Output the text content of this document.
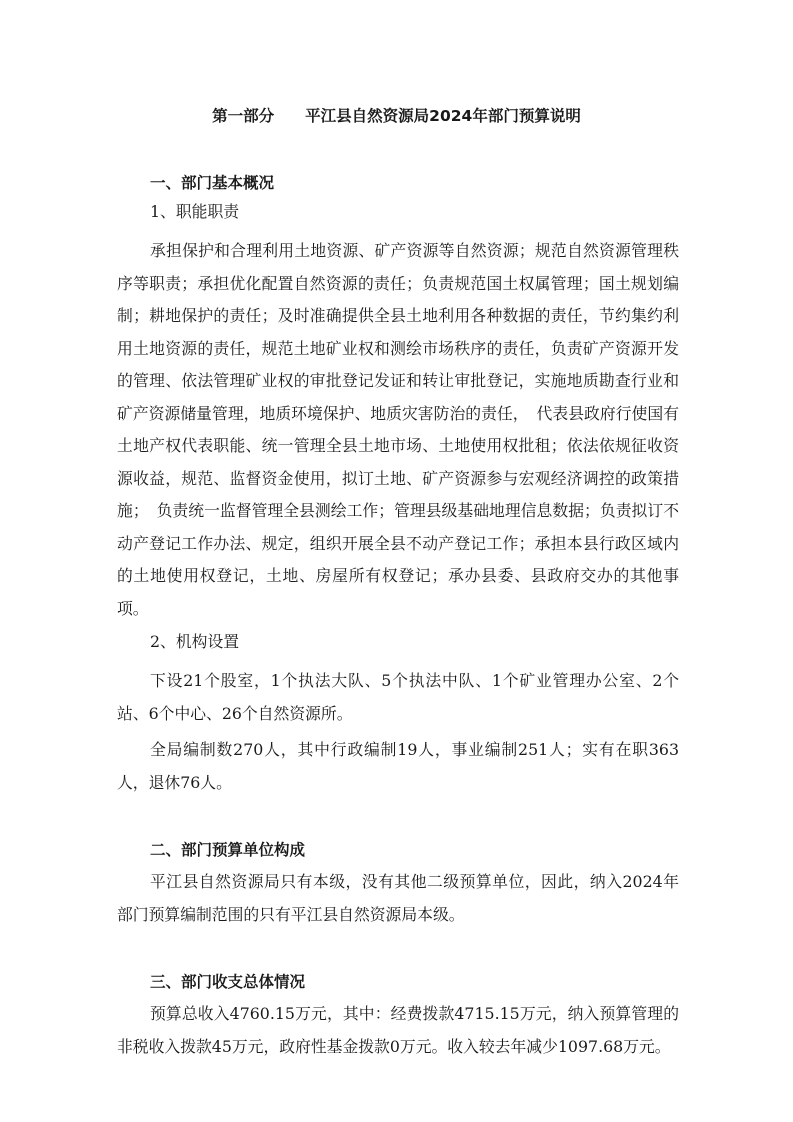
第一部分　　平江县自然资源局2024年部门预算说明
一、部门基本概况
1、职能职责

承担保护和合理利用土地资源、矿产资源等自然资源；规范自然资源管理秩序等职责；承担优化配置自然资源的责任；负责规范国土权属管理；国土规划编制；耕地保护的责任；及时准确提供全县土地利用各种数据的责任，节约集约利用土地资源的责任，规范土地矿业权和测绘市场秩序的责任，负责矿产资源开发的管理、依法管理矿业权的审批登记发证和转让审批登记，实施地质勘查行业和矿产资源储量管理，地质环境保护、地质灾害防治的责任，　代表县政府行使国有土地产权代表职能、统一管理全县土地市场、土地使用权批租；依法依规征收资源收益，规范、监督资金使用，拟订土地、矿产资源参与宏观经济调控的政策措施；　负责统一监督管理全县测绘工作；管理县级基础地理信息数据；负责拟订不动产登记工作办法、规定，组织开展全县不动产登记工作；承担本县行政区域内的土地使用权登记，土地、房屋所有权登记；承办县委、县政府交办的其他事项。

2、机构设置

下设21个股室，1个执法大队、5个执法中队、1个矿业管理办公室、2个站、6个中心、26个自然资源所。

全局编制数270人，其中行政编制19人，事业编制251人；实有在职363人，退休76人。

二、部门预算单位构成

平江县自然资源局只有本级，没有其他二级预算单位，因此，纳入2024年部门预算编制范围的只有平江县自然资源局本级。

三、部门收支总体情况

预算总收入4760.15万元，其中：经费拨款4715.15万元，纳入预算管理的非税收入拨款45万元，政府性基金拨款0万元。收入较去年减少1097.68万元。
